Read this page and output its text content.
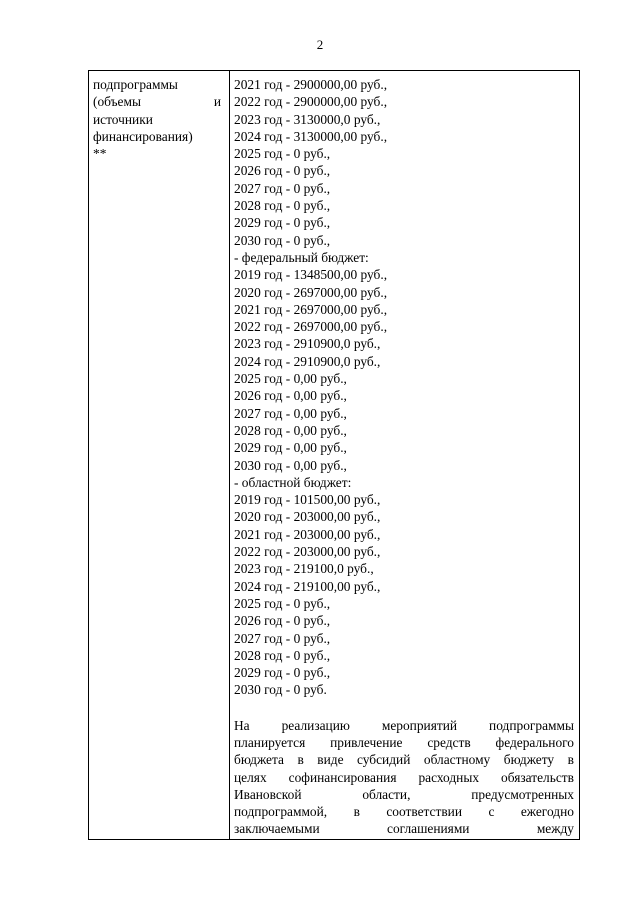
2
подпрограммы
(объемы	и
источники
финансирования)
**
2021 год - 2900000,00 руб.,
2022 год - 2900000,00 руб.,
2023 год - 3130000,0 руб.,
2024 год - 3130000,00 руб.,
2025 год - 0 руб.,
2026 год - 0 руб.,
2027 год - 0 руб.,
2028 год - 0 руб.,
2029 год - 0 руб.,
2030 год - 0 руб.,
- федеральный бюджет:
2019 год - 1348500,00 руб.,
2020 год - 2697000,00 руб.,
2021 год - 2697000,00 руб.,
2022 год - 2697000,00 руб.,
2023 год - 2910900,0 руб.,
2024 год - 2910900,0 руб.,
2025 год - 0,00 руб.,
2026 год - 0,00 руб.,
2027 год - 0,00 руб.,
2028 год - 0,00 руб.,
2029 год - 0,00 руб.,
2030 год - 0,00 руб.,
- областной бюджет:
2019 год - 101500,00 руб.,
2020 год - 203000,00 руб.,
2021 год - 203000,00 руб.,
2022 год - 203000,00 руб.,
2023 год - 219100,0 руб.,
2024 год - 219100,00 руб.,
2025 год - 0 руб.,
2026 год - 0 руб.,
2027 год - 0 руб.,
2028 год - 0 руб.,
2029 год - 0 руб.,
2030 год - 0 руб.
На реализацию мероприятий подпрограммы
планируется привлечение средств федерального
бюджета в виде субсидий областному бюджету в
целях софинансирования расходных обязательств
Ивановской	области,	предусмотренных
подпрограммой, в соответствии с ежегодно
заключаемыми	соглашениями	между
